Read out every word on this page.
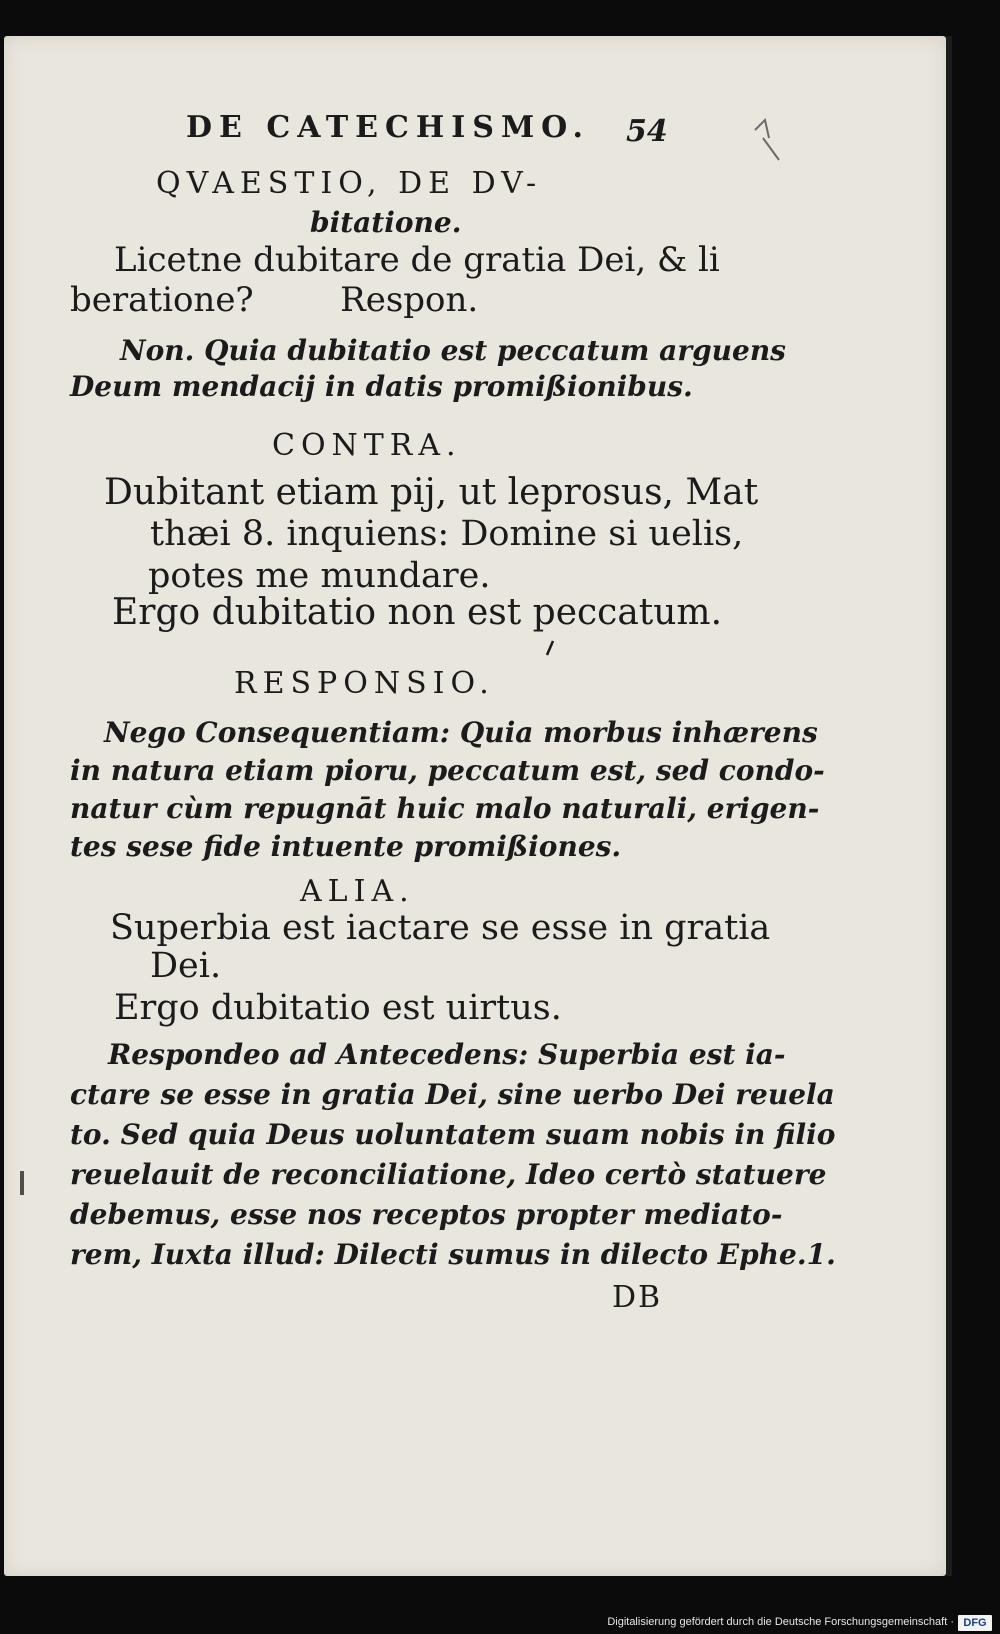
DE CATECHISMO. 54
QVAESTIO, DE DV-
bitatione.
Licetne dubitare de gratia Dei, & li
beratione?        Respon.
Non. Quia dubitatio est peccatum arguens
Deum mendacij in datis promißionibus.
CONTRA.
Dubitant etiam pij, ut leprosus, Mat
thæi 8. inquiens: Domine si uelis,
potes me mundare.
Ergo dubitatio non est peccatum.
RESPONSIO.
Nego Consequentiam: Quia morbus inhærens
in natura etiam pioru, peccatum est, sed condo-
natur cùm repugnāt huic malo naturali, erigen-
tes sese fide intuente promißiones.
ALIA.
Superbia est iactare se esse in gratia
Dei.
Ergo dubitatio est uirtus.
Respondeo ad Antecedens: Superbia est ia-
ctare se esse in gratia Dei, sine uerbo Dei reuela
to. Sed quia Deus uoluntatem suam nobis in filio
reuelauit de reconciliatione, Ideo certò statuere
debemus, esse nos receptos propter mediato-
rem, Iuxta illud: Dilecti sumus in dilecto Ephe.1.
DB
Digitalisierung gefördert durch die Deutsche Forschungsgemeinschaft · DFG
